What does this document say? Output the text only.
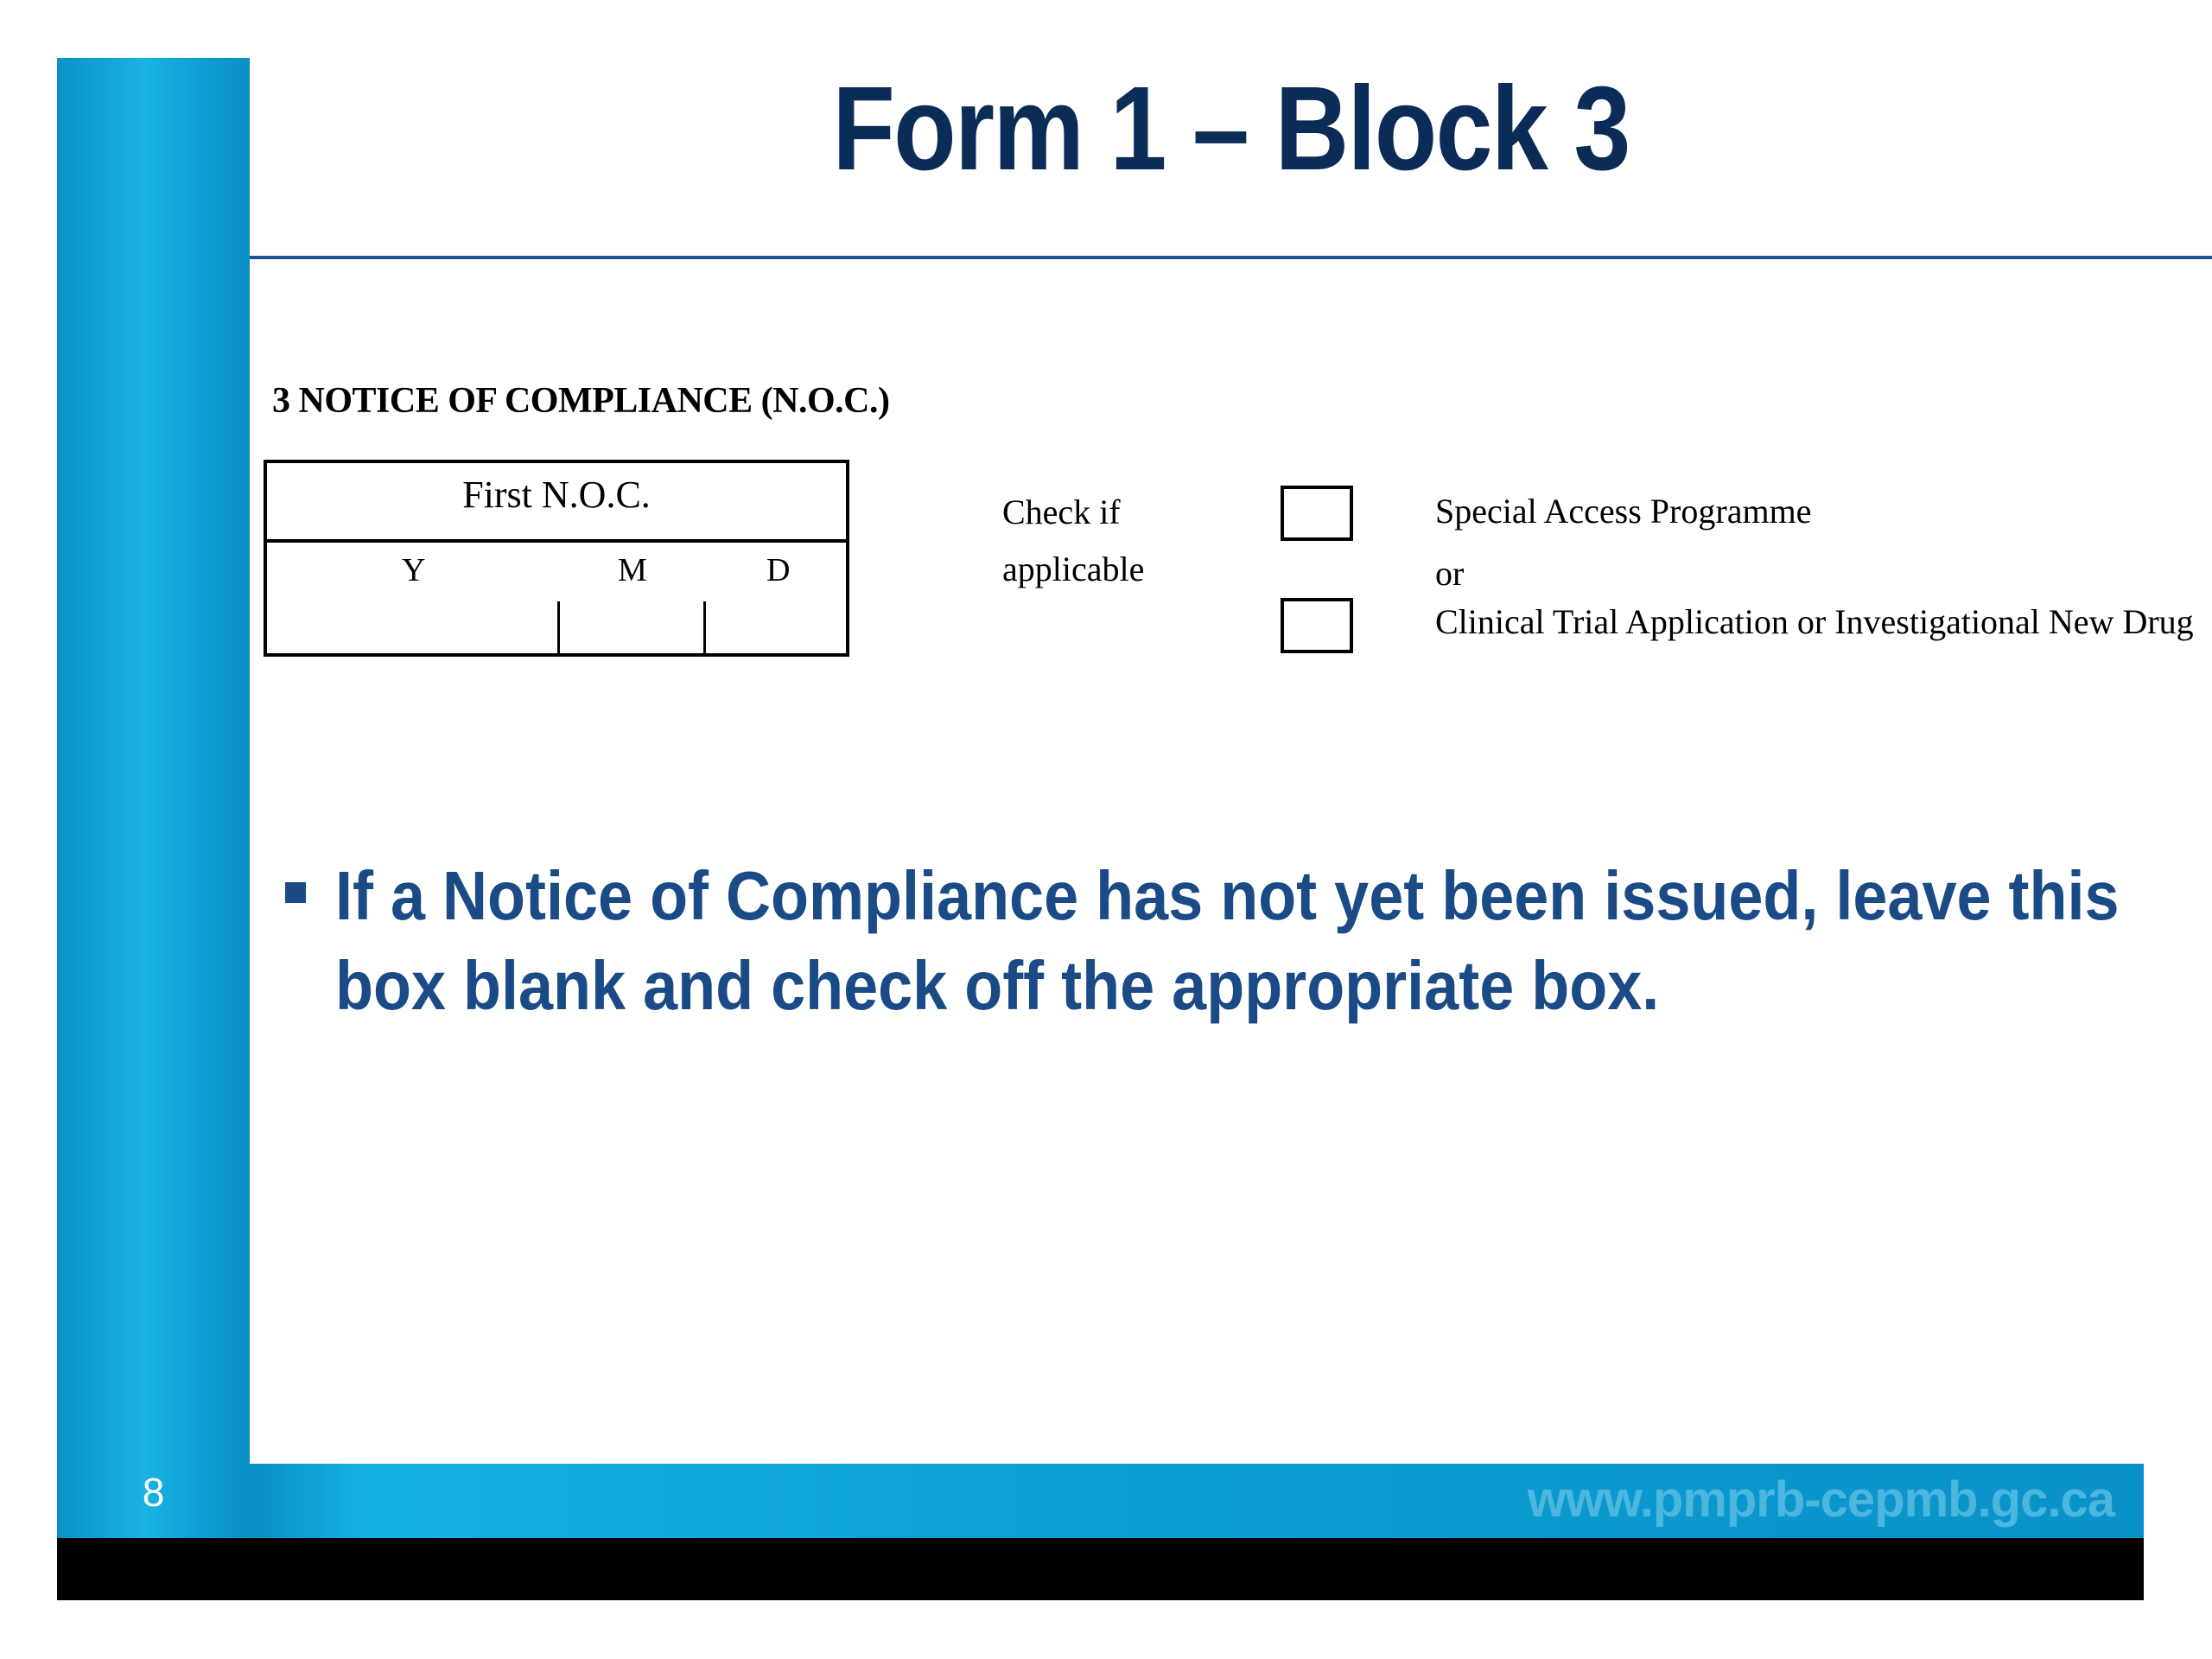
8
Form 1 – Block 3
3 NOTICE OF COMPLIANCE (N.O.C.)
First N.O.C.
Y	M	D
Check if applicable
Special Access Programme
or
Clinical Trial Application or Investigational New Drug
If a Notice of Compliance has not yet been issued, leave this box blank and check off the appropriate box.
www.pmprb-cepmb.gc.ca
